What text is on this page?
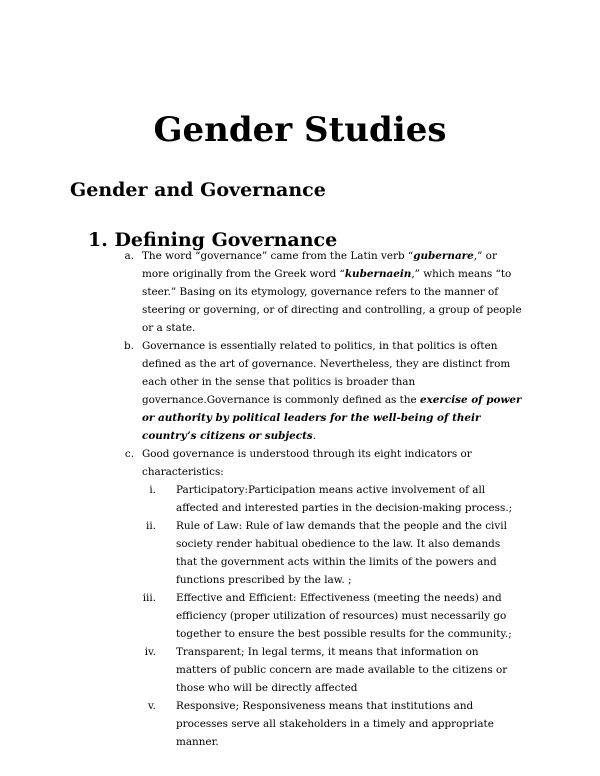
Gender Studies
Gender and Governance
1. Defining Governance
a. The word “governance” came from the Latin verb “gubernare,” or more originally from the Greek word “kubernaein,” which means “to steer.” Basing on its etymology, governance refers to the manner of steering or governing, or of directing and controlling, a group of people or a state.
b. Governance is essentially related to politics, in that politics is often defined as the art of governance. Nevertheless, they are distinct from each other in the sense that politics is broader than governance.Governance is commonly defined as the exercise of power or authority by political leaders for the well-being of their country’s citizens or subjects.
c. Good governance is understood through its eight indicators or characteristics:
i. Participatory:Participation means active involvement of all affected and interested parties in the decision-making process.;
ii. Rule of Law: Rule of law demands that the people and the civil society render habitual obedience to the law. It also demands that the government acts within the limits of the powers and functions prescribed by the law. ;
iii. Effective and Efficient: Effectiveness (meeting the needs) and efficiency (proper utilization of resources) must necessarily go together to ensure the best possible results for the community.;
iv. Transparent; In legal terms, it means that information on matters of public concern are made available to the citizens or those who will be directly affected
v. Responsive; Responsiveness means that institutions and processes serve all stakeholders in a timely and appropriate manner.
